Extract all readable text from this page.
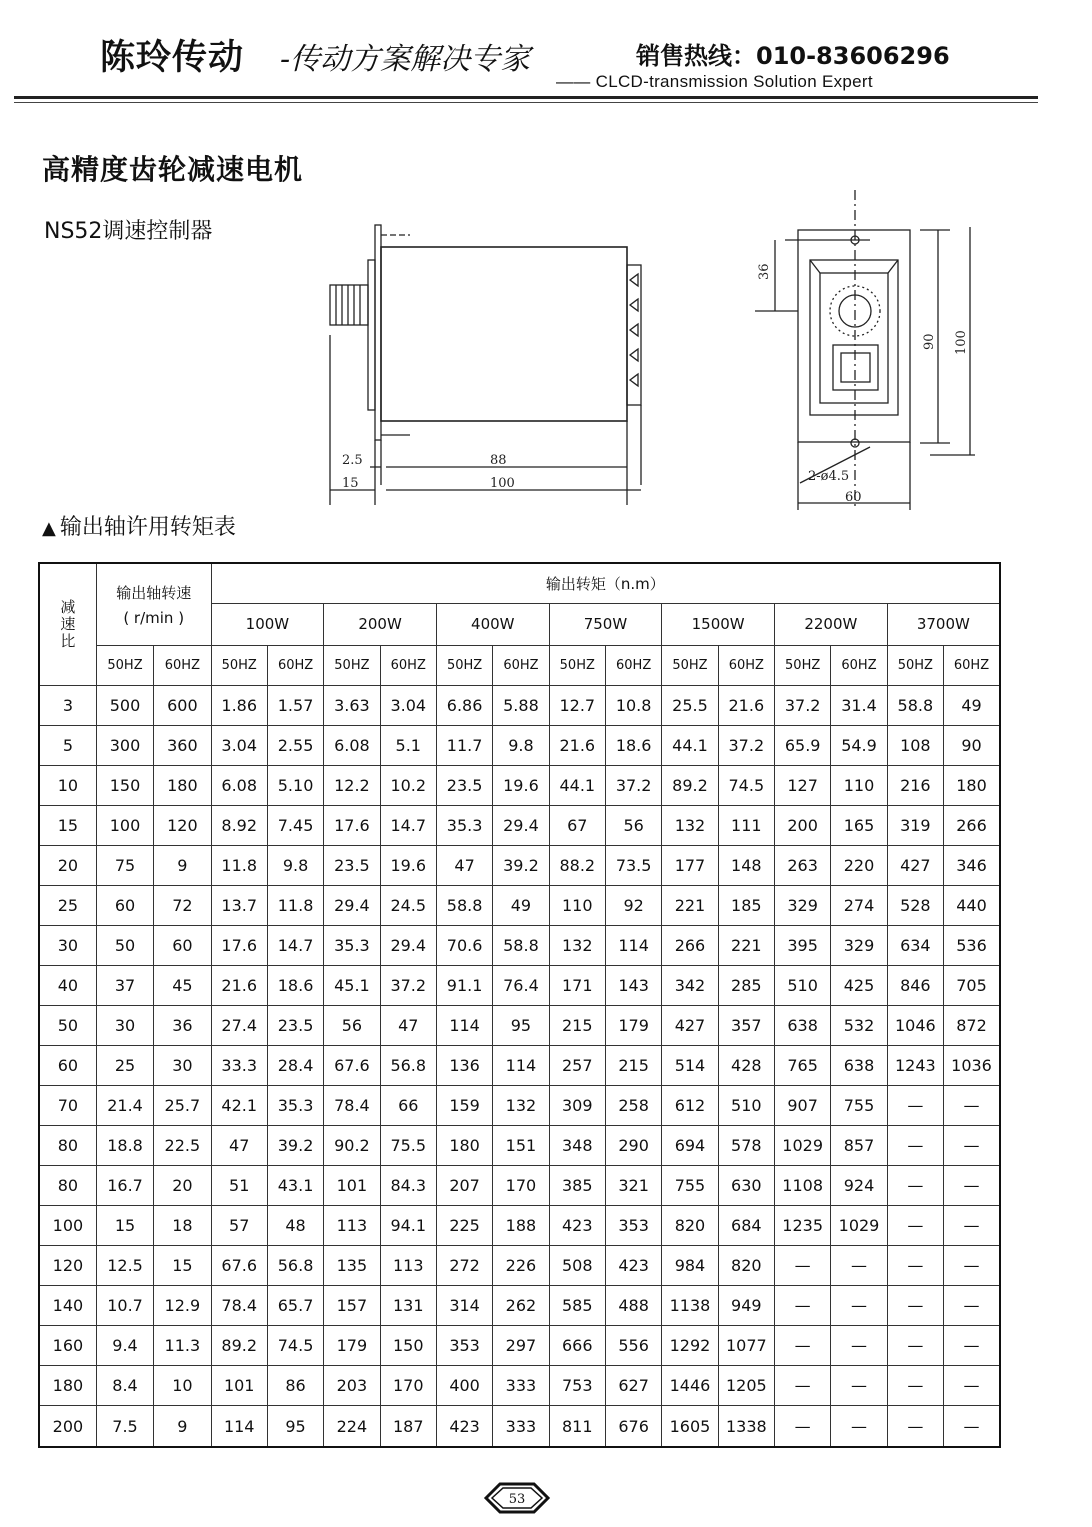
陈玲传动 -传动方案解决专家	销售热线：010-83606296
—— CLCD-transmission Solution Expert
高精度齿轮减速电机
NS52调速控制器
2.5	88
15	100
36
90 100
2-ø4.5
60
▲ 输出轴许用转矩表
减速比	输出轴转速
( r/min )		输出转矩（n.m）													
			100W		200W		400W		750W		1500W		2200W		3700W	
	50HZ	60HZ	50HZ	60HZ	50HZ	60HZ	50HZ	60HZ	50HZ	60HZ	50HZ	60HZ	50HZ	60HZ	50HZ	60HZ
3	500	600	1.86	1.57	3.63	3.04	6.86	5.88	12.7	10.8	25.5	21.6	37.2	31.4	58.8	49
5	300	360	3.04	2.55	6.08	5.1	11.7	9.8	21.6	18.6	44.1	37.2	65.9	54.9	108	90
10	150	180	6.08	5.10	12.2	10.2	23.5	19.6	44.1	37.2	89.2	74.5	127	110	216	180
15	100	120	8.92	7.45	17.6	14.7	35.3	29.4	67	56	132	111	200	165	319	266
20	75	9	11.8	9.8	23.5	19.6	47	39.2	88.2	73.5	177	148	263	220	427	346
25	60	72	13.7	11.8	29.4	24.5	58.8	49	110	92	221	185	329	274	528	440
30	50	60	17.6	14.7	35.3	29.4	70.6	58.8	132	114	266	221	395	329	634	536
40	37	45	21.6	18.6	45.1	37.2	91.1	76.4	171	143	342	285	510	425	846	705
50	30	36	27.4	23.5	56	47	114	95	215	179	427	357	638	532	1046	872
60	25	30	33.3	28.4	67.6	56.8	136	114	257	215	514	428	765	638	1243	1036
70	21.4	25.7	42.1	35.3	78.4	66	159	132	309	258	612	510	907	755	—	—
80	18.8	22.5	47	39.2	90.2	75.5	180	151	348	290	694	578	1029	857	—	—
80	16.7	20	51	43.1	101	84.3	207	170	385	321	755	630	1108	924	—	—
100	15	18	57	48	113	94.1	225	188	423	353	820	684	1235	1029	—	—
120	12.5	15	67.6	56.8	135	113	272	226	508	423	984	820	—	—	—	—
140	10.7	12.9	78.4	65.7	157	131	314	262	585	488	1138	949	—	—	—	—
160	9.4	11.3	89.2	74.5	179	150	353	297	666	556	1292	1077	—	—	—	—
180	8.4	10	101	86	203	170	400	333	753	627	1446	1205	—	—	—	—
200	7.5	9	114	95	224	187	423	333	811	676	1605	1338	—	—	—	—
53
